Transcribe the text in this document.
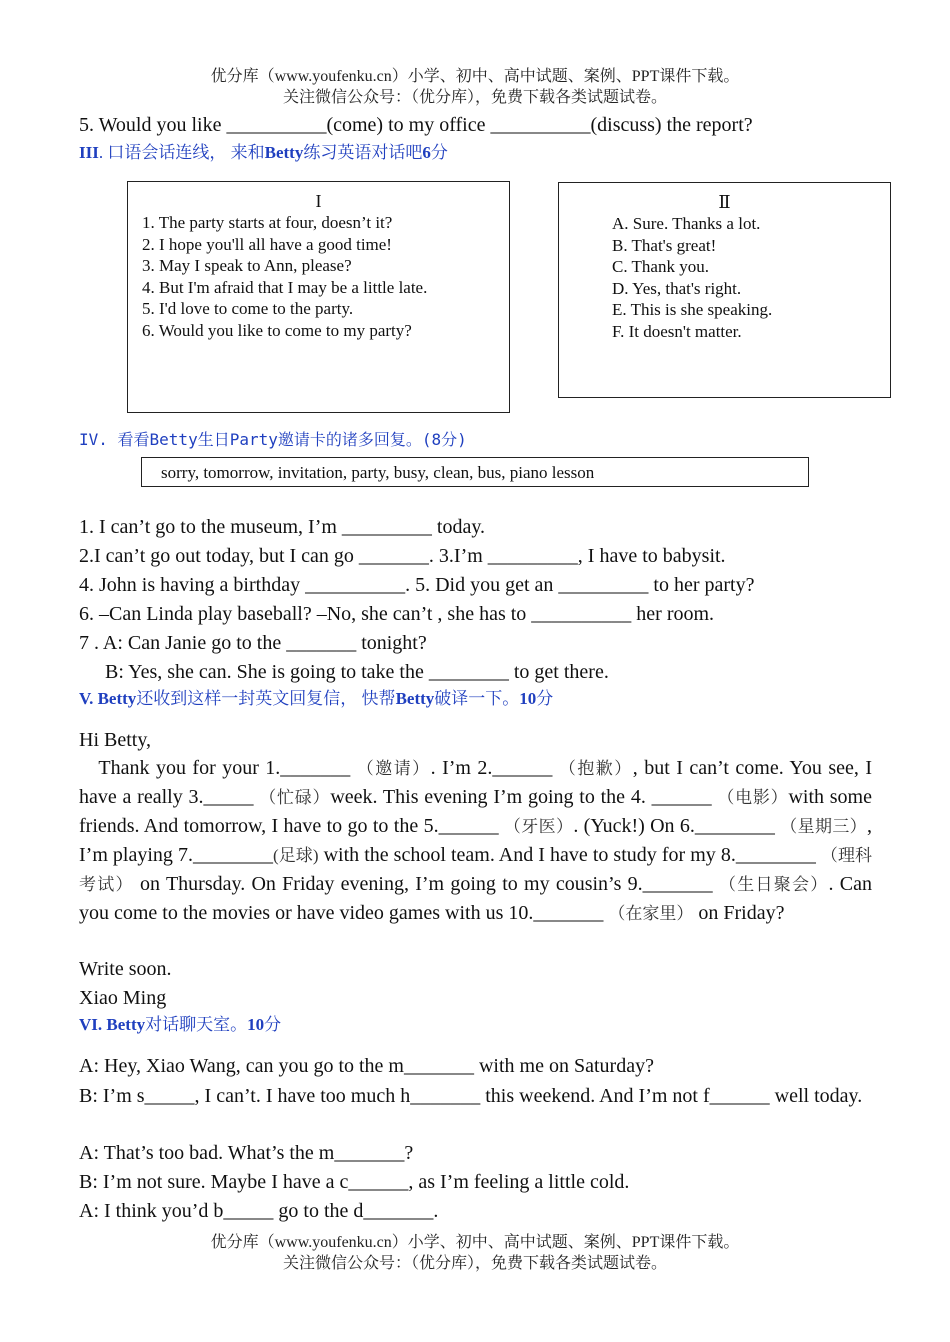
优分库（www.youfenku.cn）小学、初中、高中试题、案例、PPT课件下载。
关注微信公众号：（优分库），免费下载各类试题试卷。
5. Would you like __________(come) to my office __________(discuss) the report?
III. 口语会话连线， 来和Betty练习英语对话吧6分
I
1. The party starts at four, doesn’t it?
2. I hope you'll all have a good time!
3. May I speak to Ann, please?
4. But I'm afraid that I may be a little late.
5. I'd love to come to the party.
6. Would you like to come to my party?
Ⅱ
A. Sure. Thanks a lot.
B. That's great!
C. Thank you.
D. Yes, that's right.
E. This is she speaking.
F. It doesn't matter.
IV. 看看Betty生日Party邀请卡的诸多回复。(8分)
sorry, tomorrow, invitation, party, busy, clean, bus, piano lesson
1. I can’t go to the museum, I’m _________ today.
2.I can’t go out today, but I can go _______. 3.I’m _________, I have to babysit.
4. John is having a birthday __________. 5. Did you get an _________ to her party?
6. –Can Linda play baseball? –No, she can’t , she has to __________ her room.
7 . A: Can Janie go to the _______ tonight?
B: Yes, she can. She is going to take the ________ to get there.
V. Betty还收到这样一封英文回复信， 快帮Betty破译一下。10分
Hi Betty,
Thank you for your 1._______ （邀请）. I’m 2.______ （抱歉）, but I can’t come. You see, I have a really 3._____ （忙碌）week. This evening I’m going to the 4. ______ （电影）with some friends. And tomorrow, I have to go to the 5.______ （牙医）. (Yuck!) On 6.________ （星期三）, I’m playing 7.________(足球) with the school team. And I have to study for my 8.________ （理科考试） on Thursday. On Friday evening, I’m going to my cousin’s 9._______ （生日聚会）. Can you come to the movies or have video games with us 10._______ （在家里） on Friday?
Write soon.
Xiao Ming
VI. Betty对话聊天室。10分
A: Hey, Xiao Wang, can you go to the m_______ with me on Saturday?
B: I’m s_____, I can’t. I have too much h_______ this weekend. And I’m not f______ well today.
A: That’s too bad. What’s the m_______?
B: I’m not sure. Maybe I have a c______, as I’m feeling a little cold.
A: I think you’d b_____ go to the d_______.
优分库（www.youfenku.cn）小学、初中、高中试题、案例、PPT课件下载。
关注微信公众号：（优分库），免费下载各类试题试卷。
